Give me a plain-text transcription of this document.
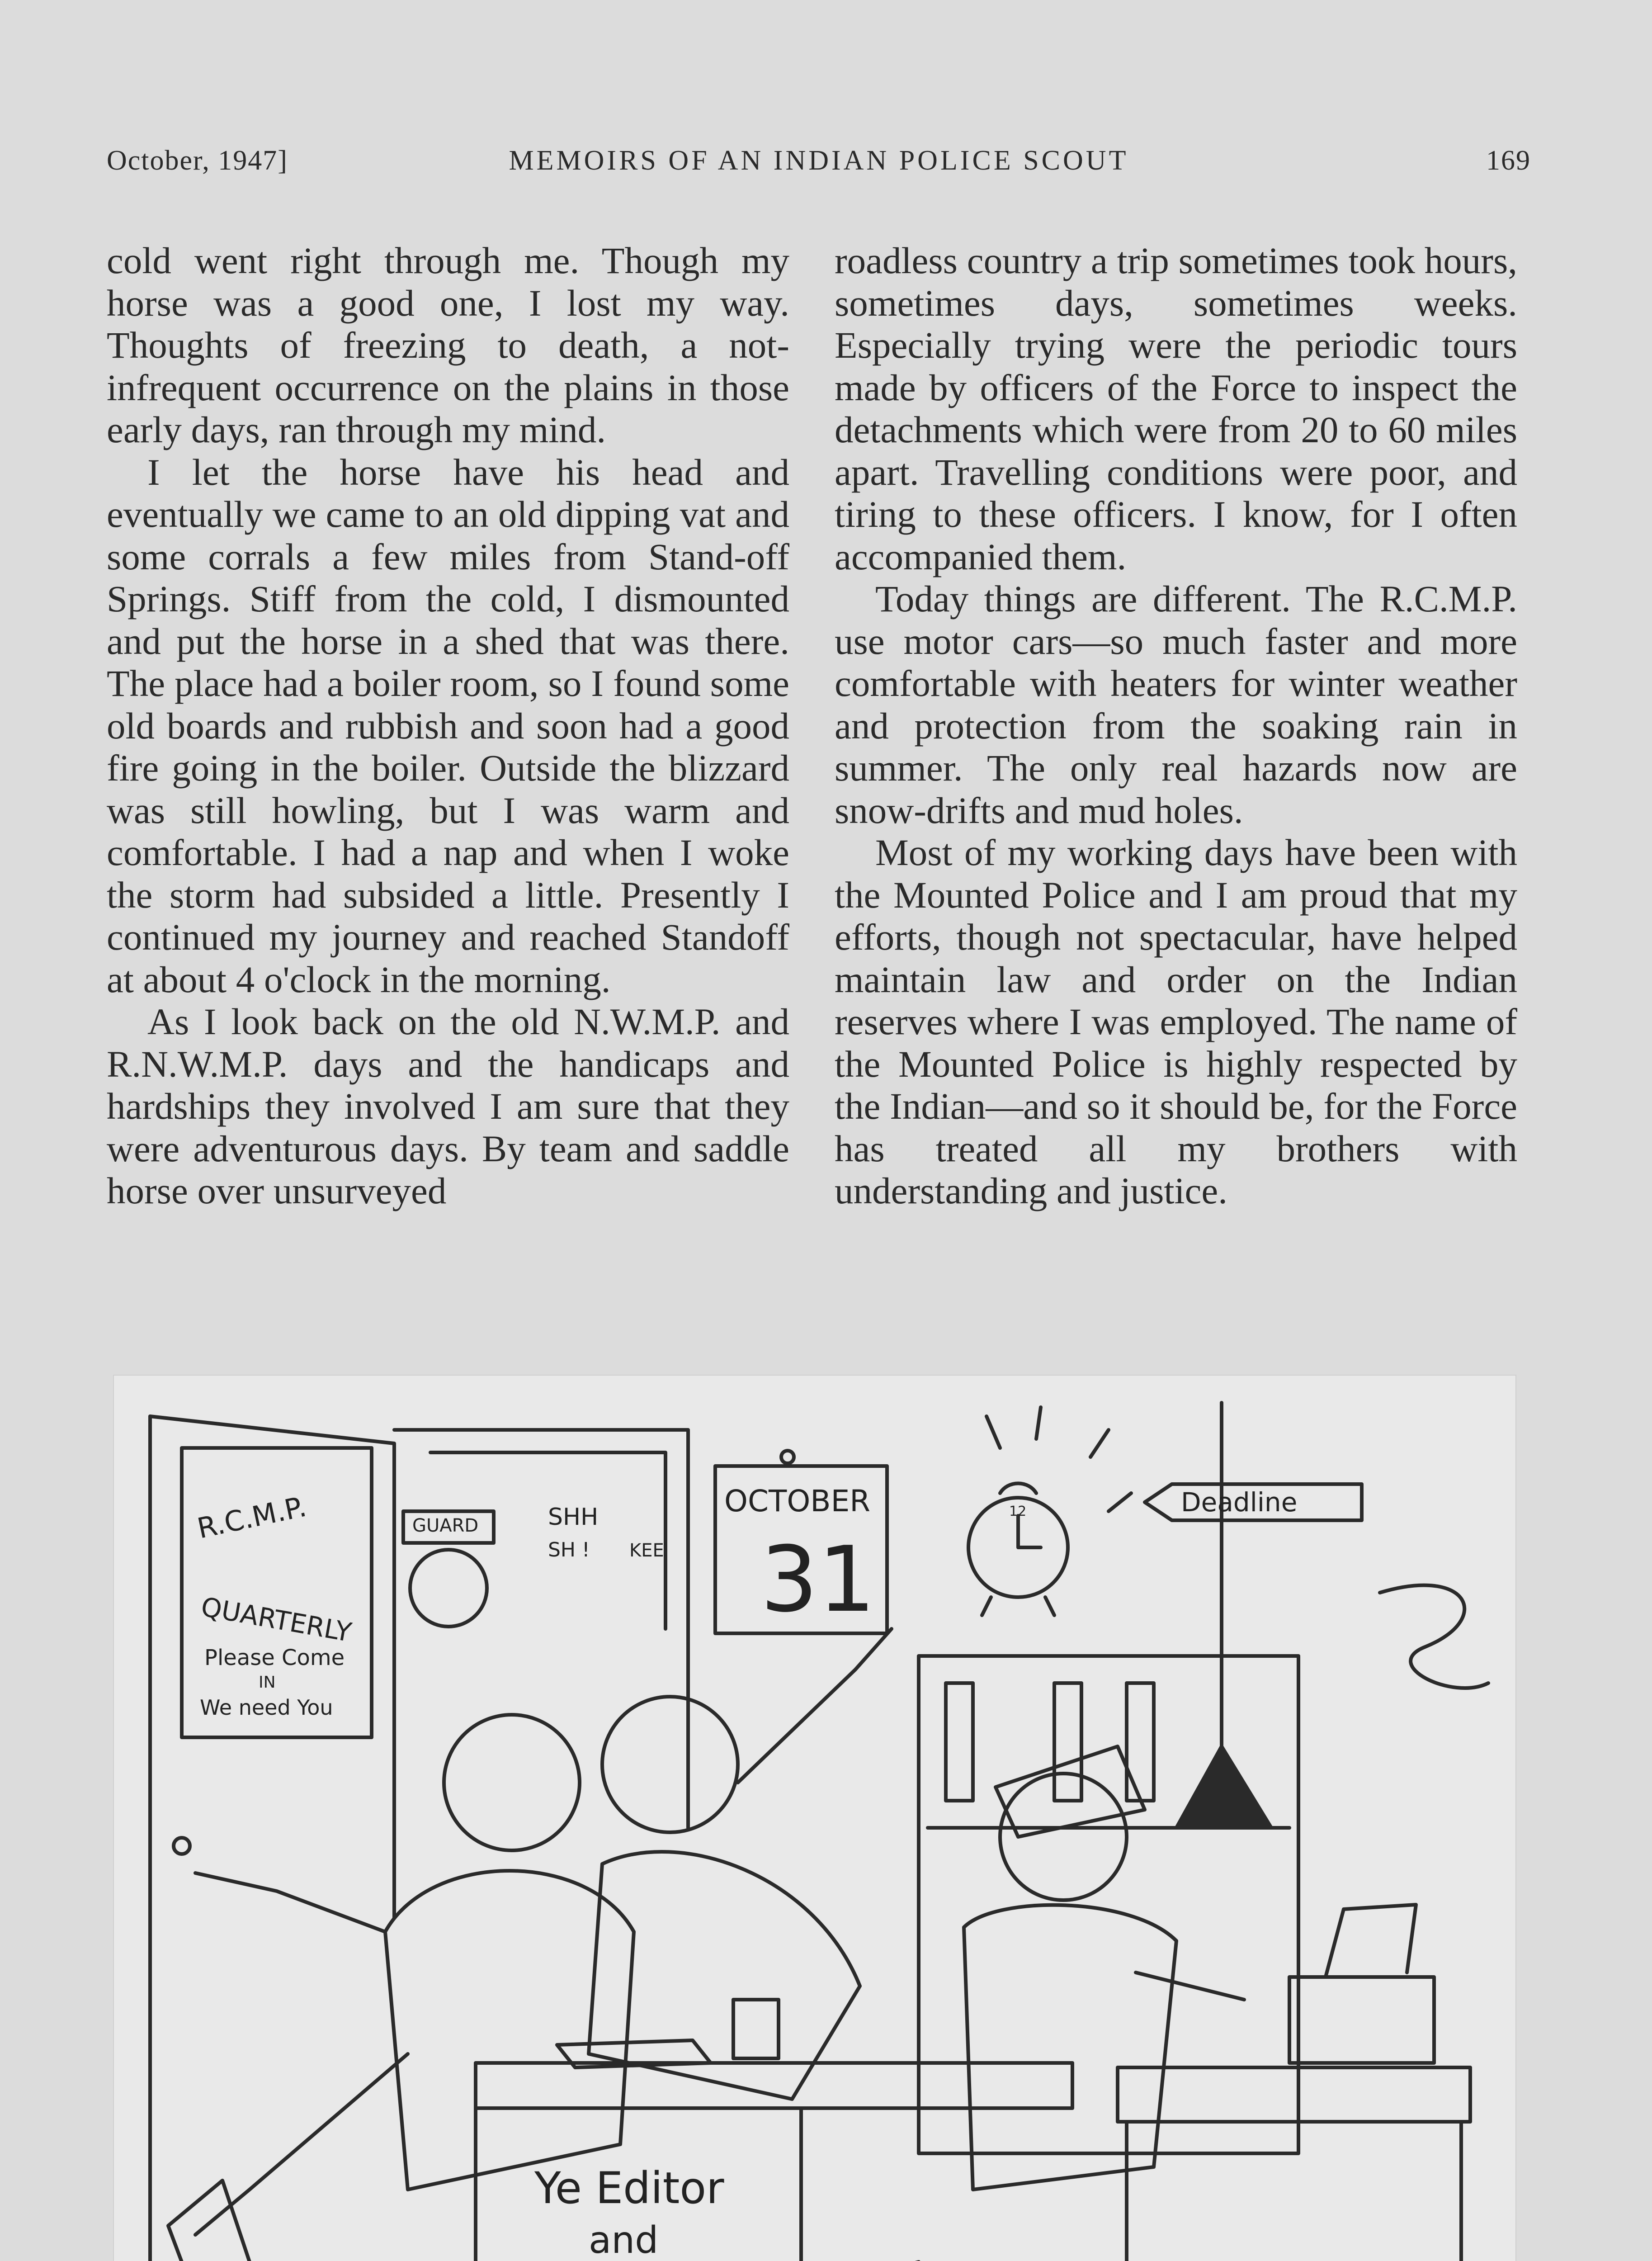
October, 1947]	MEMOIRS OF AN INDIAN POLICE SCOUT	169

cold went right through me. Though my horse was a good one, I lost my way. Thoughts of freezing to death, a not-infrequent occurrence on the plains in those early days, ran through my mind.

I let the horse have his head and eventually we came to an old dipping vat and some corrals a few miles from Stand-off Springs. Stiff from the cold, I dismounted and put the horse in a shed that was there. The place had a boiler room, so I found some old boards and rubbish and soon had a good fire going in the boiler. Outside the blizzard was still howling, but I was warm and comfortable. I had a nap and when I woke the storm had subsided a little. Presently I continued my journey and reached Standoff at about 4 o'clock in the morning.

As I look back on the old N.W.M.P. and R.N.W.M.P. days and the handicaps and hardships they involved I am sure that they were adventurous days. By team and saddle horse over unsurveyed

roadless country a trip sometimes took hours, sometimes days, sometimes weeks. Especially trying were the periodic tours made by officers of the Force to inspect the detachments which were from 20 to 60 miles apart. Travelling conditions were poor, and tiring to these officers. I know, for I often accompanied them.

Today things are different. The R.C.M.P. use motor cars—so much faster and more comfortable with heaters for winter weather and protection from the soaking rain in summer. The only real hazards now are snow-drifts and mud holes.

Most of my working days have been with the Mounted Police and I am proud that my efforts, though not spectacular, have helped maintain law and order on the Indian reserves where I was employed. The name of the Mounted Police is highly respected by the Indian—and so it should be, for the Force has treated all my brothers with understanding and justice.

R.C.M.P.
QUARTERLY
Please Come
IN
We need You
GUARD	SHH
SH ! KEE
OCTOBER
31
12	Deadline
Ye Editor
and
